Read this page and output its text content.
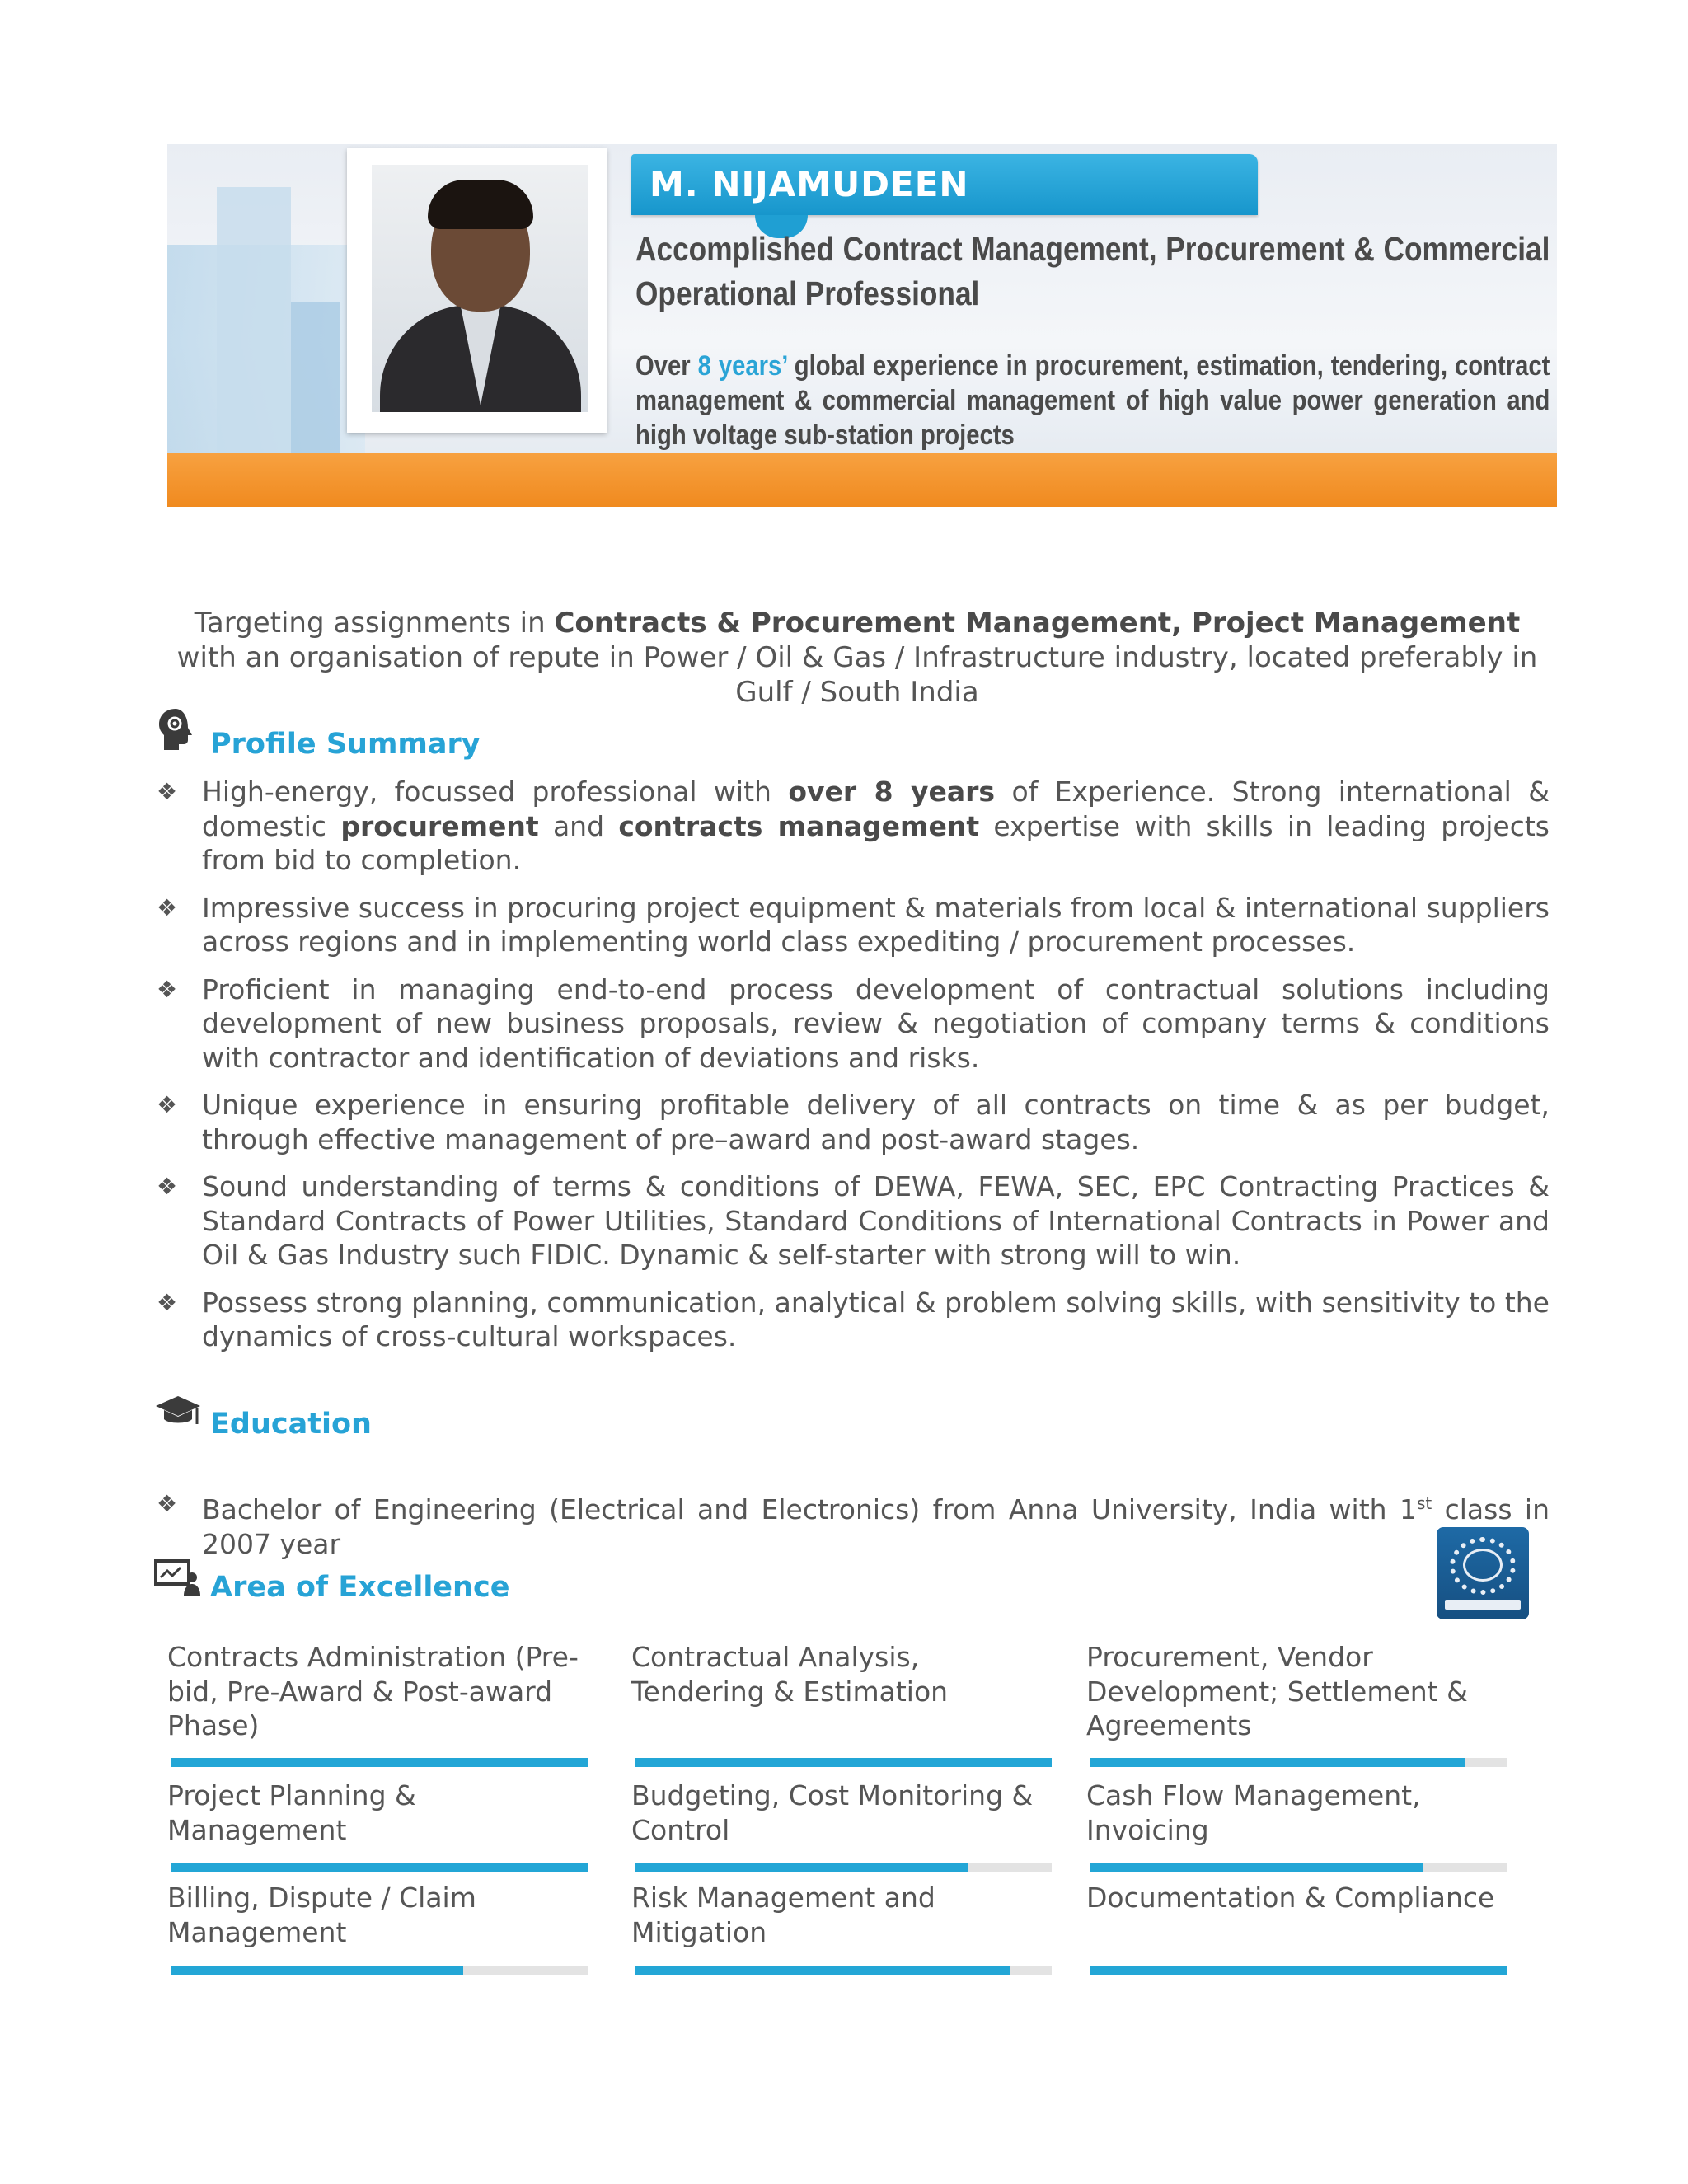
M. NIJAMUDEEN
Accomplished Contract Management, Procurement & Commercial Operational Professional
Over 8 years’ global experience in procurement, estimation, tendering, contract management & commercial management of high value power generation and high voltage sub-station projects
Targeting assignments in Contracts & Procurement Management, Project Management with an organisation of repute in Power / Oil & Gas / Infrastructure industry, located preferably in Gulf / South India
Profile Summary
❖ High-energy, focussed professional with over 8 years of Experience. Strong international & domestic procurement and contracts management expertise with skills in leading projects from bid to completion.
❖ Impressive success in procuring project equipment & materials from local & international suppliers across regions and in implementing world class expediting / procurement processes.
❖ Proficient in managing end-to-end process development of contractual solutions including development of new business proposals, review & negotiation of company terms & conditions with contractor and identification of deviations and risks.
❖ Unique experience in ensuring profitable delivery of all contracts on time & as per budget, through effective management of pre–award and post-award stages.
❖ Sound understanding of terms & conditions of DEWA, FEWA, SEC, EPC Contracting Practices & Standard Contracts of Power Utilities, Standard Conditions of International Contracts in Power and Oil & Gas Industry such FIDIC. Dynamic & self-starter with strong will to win.
❖ Possess strong planning, communication, analytical & problem solving skills, with sensitivity to the dynamics of cross-cultural workspaces.
Education
❖ Bachelor of Engineering (Electrical and Electronics) from Anna University, India with 1st class in 2007 year
Area of Excellence
Contracts Administration (Pre-bid, Pre-Award & Post-award Phase)
Contractual Analysis, Tendering & Estimation
Procurement, Vendor Development; Settlement & Agreements
Project Planning & Management
Budgeting, Cost Monitoring & Control
Cash Flow Management, Invoicing
Billing, Dispute / Claim Management
Risk Management and Mitigation
Documentation & Compliance
